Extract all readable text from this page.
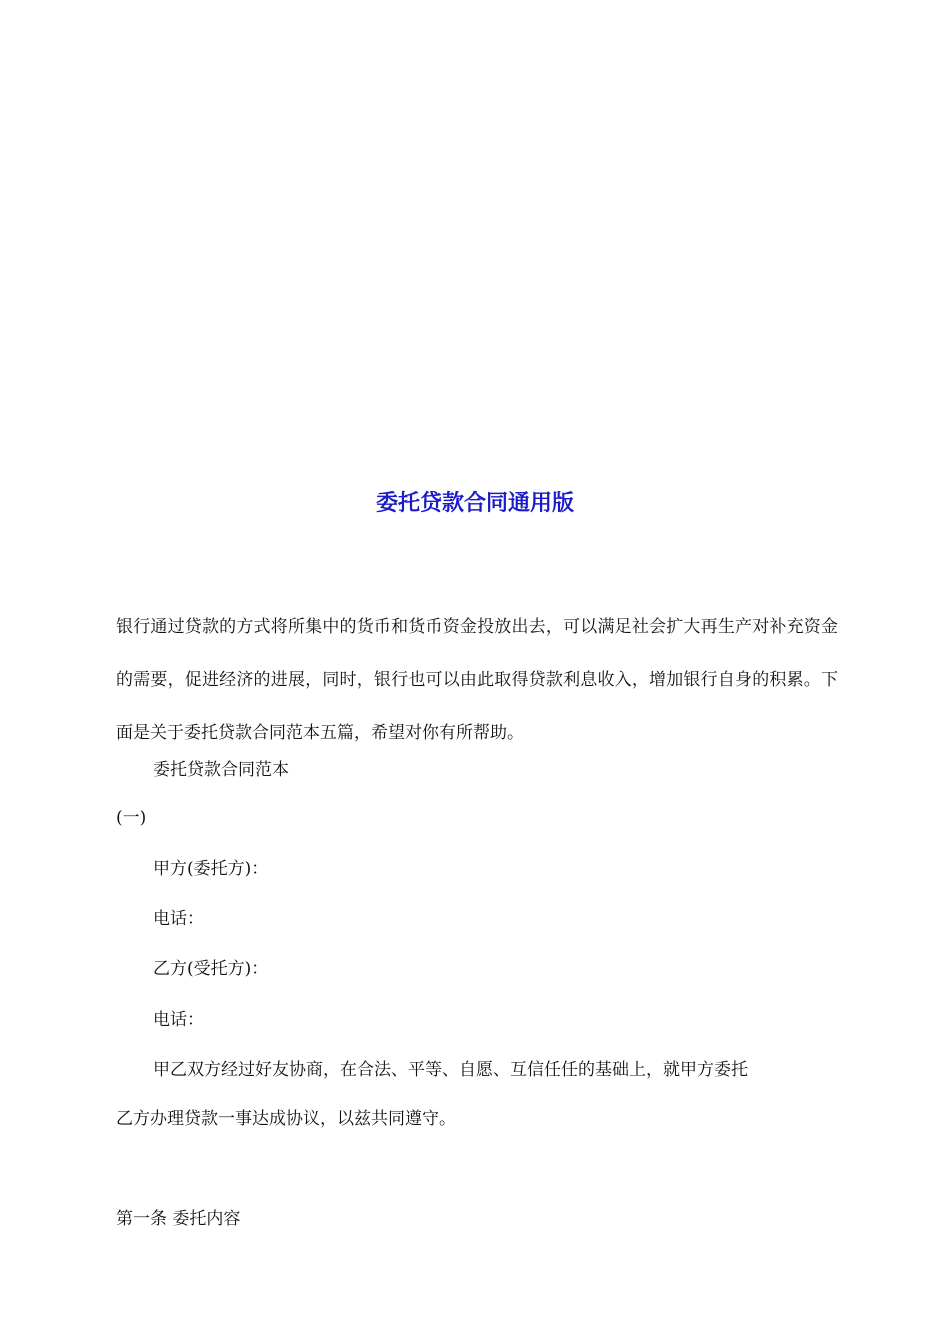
委托贷款合同通用版

银行通过贷款的方式将所集中的货币和货币资金投放出去，可以满足社会扩大再生产对补充资金的需要，促进经济的进展，同时，银行也可以由此取得贷款利息收入，增加银行自身的积累。下面是关于委托贷款合同范本五篇，希望对你有所帮助。

委托贷款合同范本

(一)

甲方(委托方)：

电话：

乙方(受托方)：

电话：

甲乙双方经过好友协商，在合法、平等、自愿、互信任任的基础上，就甲方委托

乙方办理贷款一事达成协议，以兹共同遵守。

第一条 委托内容
